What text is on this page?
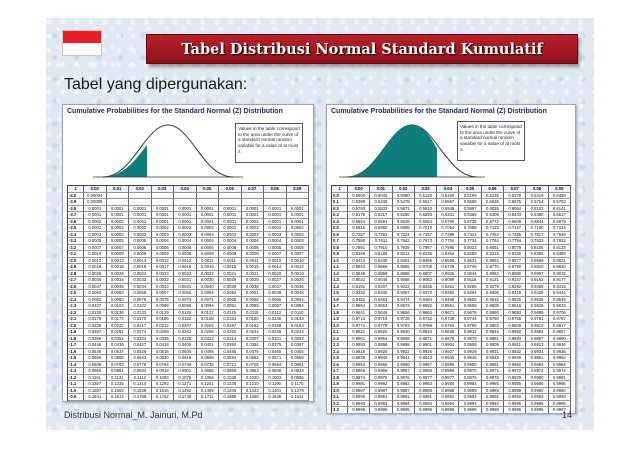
Tabel Distribusi Normal Standard Kumulatif
Tabel yang dipergunakan:
Cumulative Probabilities for the Standard Normal (Z) Distribution
Values in the table correspond to the area under the curve of a standard normal random variable for a value of at most z.
z	0.00	0.01	0.02	0.03	0.04	0.05	0.06	0.07	0.08	0.09
-4.0	0.00003
-3.9	0.00005
-3.8	0.0001	0.0001	0.0001	0.0001	0.0001	0.0001	0.0001	0.0001	0.0001	0.0001
-3.7	0.0001	0.0001	0.0001	0.0001	0.0001	0.0001	0.0001	0.0001	0.0001	0.0001
-3.6	0.0002	0.0002	0.0001	0.0001	0.0001	0.0001	0.0001	0.0001	0.0001	0.0001
-3.5	0.0002	0.0002	0.0002	0.0002	0.0002	0.0002	0.0002	0.0002	0.0002	0.0002
-3.4	0.0003	0.0003	0.0003	0.0003	0.0003	0.0003	0.0003	0.0003	0.0003	0.0002
-3.3	0.0005	0.0005	0.0005	0.0004	0.0004	0.0004	0.0004	0.0004	0.0004	0.0003
-3.2	0.0007	0.0007	0.0006	0.0006	0.0006	0.0006	0.0006	0.0005	0.0005	0.0005
-3.1	0.0010	0.0009	0.0009	0.0009	0.0008	0.0008	0.0008	0.0008	0.0007	0.0007
-3.0	0.0013	0.0013	0.0013	0.0012	0.0012	0.0011	0.0011	0.0011	0.0010	0.0010
-2.9	0.0019	0.0018	0.0018	0.0017	0.0016	0.0016	0.0015	0.0015	0.0014	0.0014
-2.8	0.0026	0.0025	0.0024	0.0023	0.0023	0.0022	0.0021	0.0021	0.0020	0.0019
-2.7	0.0035	0.0034	0.0033	0.0032	0.0031	0.0030	0.0029	0.0028	0.0027	0.0026
-2.6	0.0047	0.0045	0.0044	0.0043	0.0041	0.0040	0.0039	0.0038	0.0037	0.0036
-2.5	0.0062	0.0060	0.0059	0.0057	0.0055	0.0054	0.0052	0.0051	0.0049	0.0048
-2.4	0.0082	0.0080	0.0078	0.0075	0.0073	0.0071	0.0069	0.0068	0.0066	0.0064
-2.3	0.0107	0.0104	0.0102	0.0099	0.0096	0.0094	0.0091	0.0089	0.0087	0.0084
-2.2	0.0139	0.0136	0.0132	0.0129	0.0125	0.0122	0.0119	0.0116	0.0113	0.0110
-2.1	0.0179	0.0174	0.0170	0.0166	0.0162	0.0158	0.0154	0.0150	0.0146	0.0143
-2.0	0.0228	0.0222	0.0217	0.0212	0.0207	0.0202	0.0197	0.0192	0.0188	0.0183
-1.9	0.0287	0.0281	0.0274	0.0268	0.0262	0.0256	0.0250	0.0244	0.0239	0.0233
-1.8	0.0359	0.0351	0.0344	0.0336	0.0329	0.0322	0.0314	0.0307	0.0301	0.0294
-1.7	0.0446	0.0436	0.0427	0.0418	0.0409	0.0401	0.0392	0.0384	0.0375	0.0367
-1.6	0.0548	0.0537	0.0526	0.0516	0.0505	0.0495	0.0485	0.0475	0.0465	0.0455
-1.5	0.0668	0.0655	0.0643	0.0630	0.0618	0.0606	0.0594	0.0582	0.0571	0.0559
-1.4	0.0808	0.0793	0.0778	0.0764	0.0749	0.0735	0.0721	0.0708	0.0694	0.0681
-1.3	0.0968	0.0951	0.0934	0.0918	0.0901	0.0885	0.0869	0.0853	0.0838	0.0823
-1.2	0.1151	0.1131	0.1112	0.1093	0.1075	0.1056	0.1038	0.1020	0.1003	0.0985
-1.1	0.1357	0.1335	0.1314	0.1292	0.1271	0.1251	0.1230	0.1210	0.1190	0.1170
-1.0	0.1587	0.1562	0.1539	0.1515	0.1492	0.1469	0.1446	0.1423	0.1401	0.1379
-0.9	0.1841	0.1814	0.1788	0.1762	0.1736	0.1711	0.1685	0.1660	0.1635	0.1611
Cumulative Probabilities for the Standard Normal (Z) Distribution
Values in the table correspond to the area under the curve of a standard normal random variable for a value of at most z.
z	0.00	0.01	0.02	0.03	0.04	0.05	0.06	0.07	0.08	0.09
0.0	0.5000	0.5040	0.5080	0.5120	0.5160	0.5199	0.5239	0.5279	0.5319	0.5359
0.1	0.5398	0.5438	0.5478	0.5517	0.5557	0.5596	0.5636	0.5675	0.5714	0.5753
0.2	0.5793	0.5832	0.5871	0.5910	0.5948	0.5987	0.6026	0.6064	0.6103	0.6141
0.3	0.6179	0.6217	0.6255	0.6293	0.6331	0.6368	0.6406	0.6443	0.6480	0.6517
0.4	0.6554	0.6591	0.6628	0.6664	0.6700	0.6736	0.6772	0.6808	0.6844	0.6879
0.5	0.6915	0.6950	0.6985	0.7019	0.7054	0.7088	0.7123	0.7157	0.7190	0.7224
0.6	0.7257	0.7291	0.7324	0.7357	0.7389	0.7422	0.7454	0.7486	0.7517	0.7549
0.7	0.7580	0.7611	0.7642	0.7673	0.7704	0.7734	0.7764	0.7794	0.7823	0.7852
0.8	0.7881	0.7910	0.7939	0.7967	0.7995	0.8023	0.8051	0.8078	0.8106	0.8133
0.9	0.8159	0.8186	0.8212	0.8238	0.8264	0.8289	0.8315	0.8340	0.8365	0.8389
1.0	0.8413	0.8438	0.8461	0.8485	0.8508	0.8531	0.8554	0.8577	0.8599	0.8621
1.1	0.8643	0.8665	0.8686	0.8708	0.8729	0.8749	0.8770	0.8790	0.8810	0.8830
1.2	0.8849	0.8869	0.8888	0.8907	0.8925	0.8944	0.8962	0.8980	0.8997	0.9015
1.3	0.9032	0.9049	0.9066	0.9082	0.9099	0.9115	0.9131	0.9147	0.9162	0.9177
1.4	0.9192	0.9207	0.9222	0.9236	0.9251	0.9265	0.9279	0.9292	0.9306	0.9319
1.5	0.9332	0.9345	0.9357	0.9370	0.9382	0.9394	0.9406	0.9418	0.9429	0.9441
1.6	0.9452	0.9463	0.9474	0.9484	0.9495	0.9505	0.9515	0.9525	0.9535	0.9545
1.7	0.9554	0.9564	0.9573	0.9582	0.9591	0.9599	0.9608	0.9616	0.9625	0.9633
1.8	0.9641	0.9649	0.9656	0.9664	0.9671	0.9678	0.9686	0.9693	0.9699	0.9706
1.9	0.9713	0.9719	0.9726	0.9732	0.9738	0.9744	0.9750	0.9756	0.9761	0.9767
2.0	0.9772	0.9778	0.9783	0.9788	0.9793	0.9798	0.9803	0.9808	0.9812	0.9817
2.1	0.9821	0.9826	0.9830	0.9834	0.9838	0.9842	0.9846	0.9850	0.9854	0.9857
2.2	0.9861	0.9864	0.9868	0.9871	0.9875	0.9878	0.9881	0.9884	0.9887	0.9890
2.3	0.9893	0.9896	0.9898	0.9901	0.9904	0.9906	0.9909	0.9911	0.9913	0.9916
2.4	0.9918	0.9920	0.9922	0.9925	0.9927	0.9929	0.9931	0.9932	0.9934	0.9936
2.5	0.9938	0.9940	0.9941	0.9943	0.9945	0.9946	0.9948	0.9949	0.9951	0.9952
2.6	0.9953	0.9955	0.9956	0.9957	0.9959	0.9960	0.9961	0.9962	0.9963	0.9964
2.7	0.9965	0.9966	0.9967	0.9968	0.9969	0.9970	0.9971	0.9972	0.9973	0.9974
2.8	0.9974	0.9975	0.9976	0.9977	0.9977	0.9978	0.9979	0.9979	0.9980	0.9981
2.9	0.9981	0.9982	0.9982	0.9983	0.9984	0.9984	0.9985	0.9985	0.9986	0.9986
3.0	0.9987	0.9987	0.9987	0.9988	0.9988	0.9989	0.9989	0.9989	0.9990	0.9990
3.1	0.9990	0.9991	0.9991	0.9991	0.9992	0.9992	0.9992	0.9992	0.9993	0.9993
3.2	0.9993	0.9993	0.9994	0.9994	0.9994	0.9994	0.9994	0.9995	0.9995	0.9995
3.3	0.9995	0.9995	0.9995	0.9996	0.9996	0.9996	0.9996	0.9996	0.9996	0.9997
Distribusi Normal_M. Jainuri, M.Pd	14
